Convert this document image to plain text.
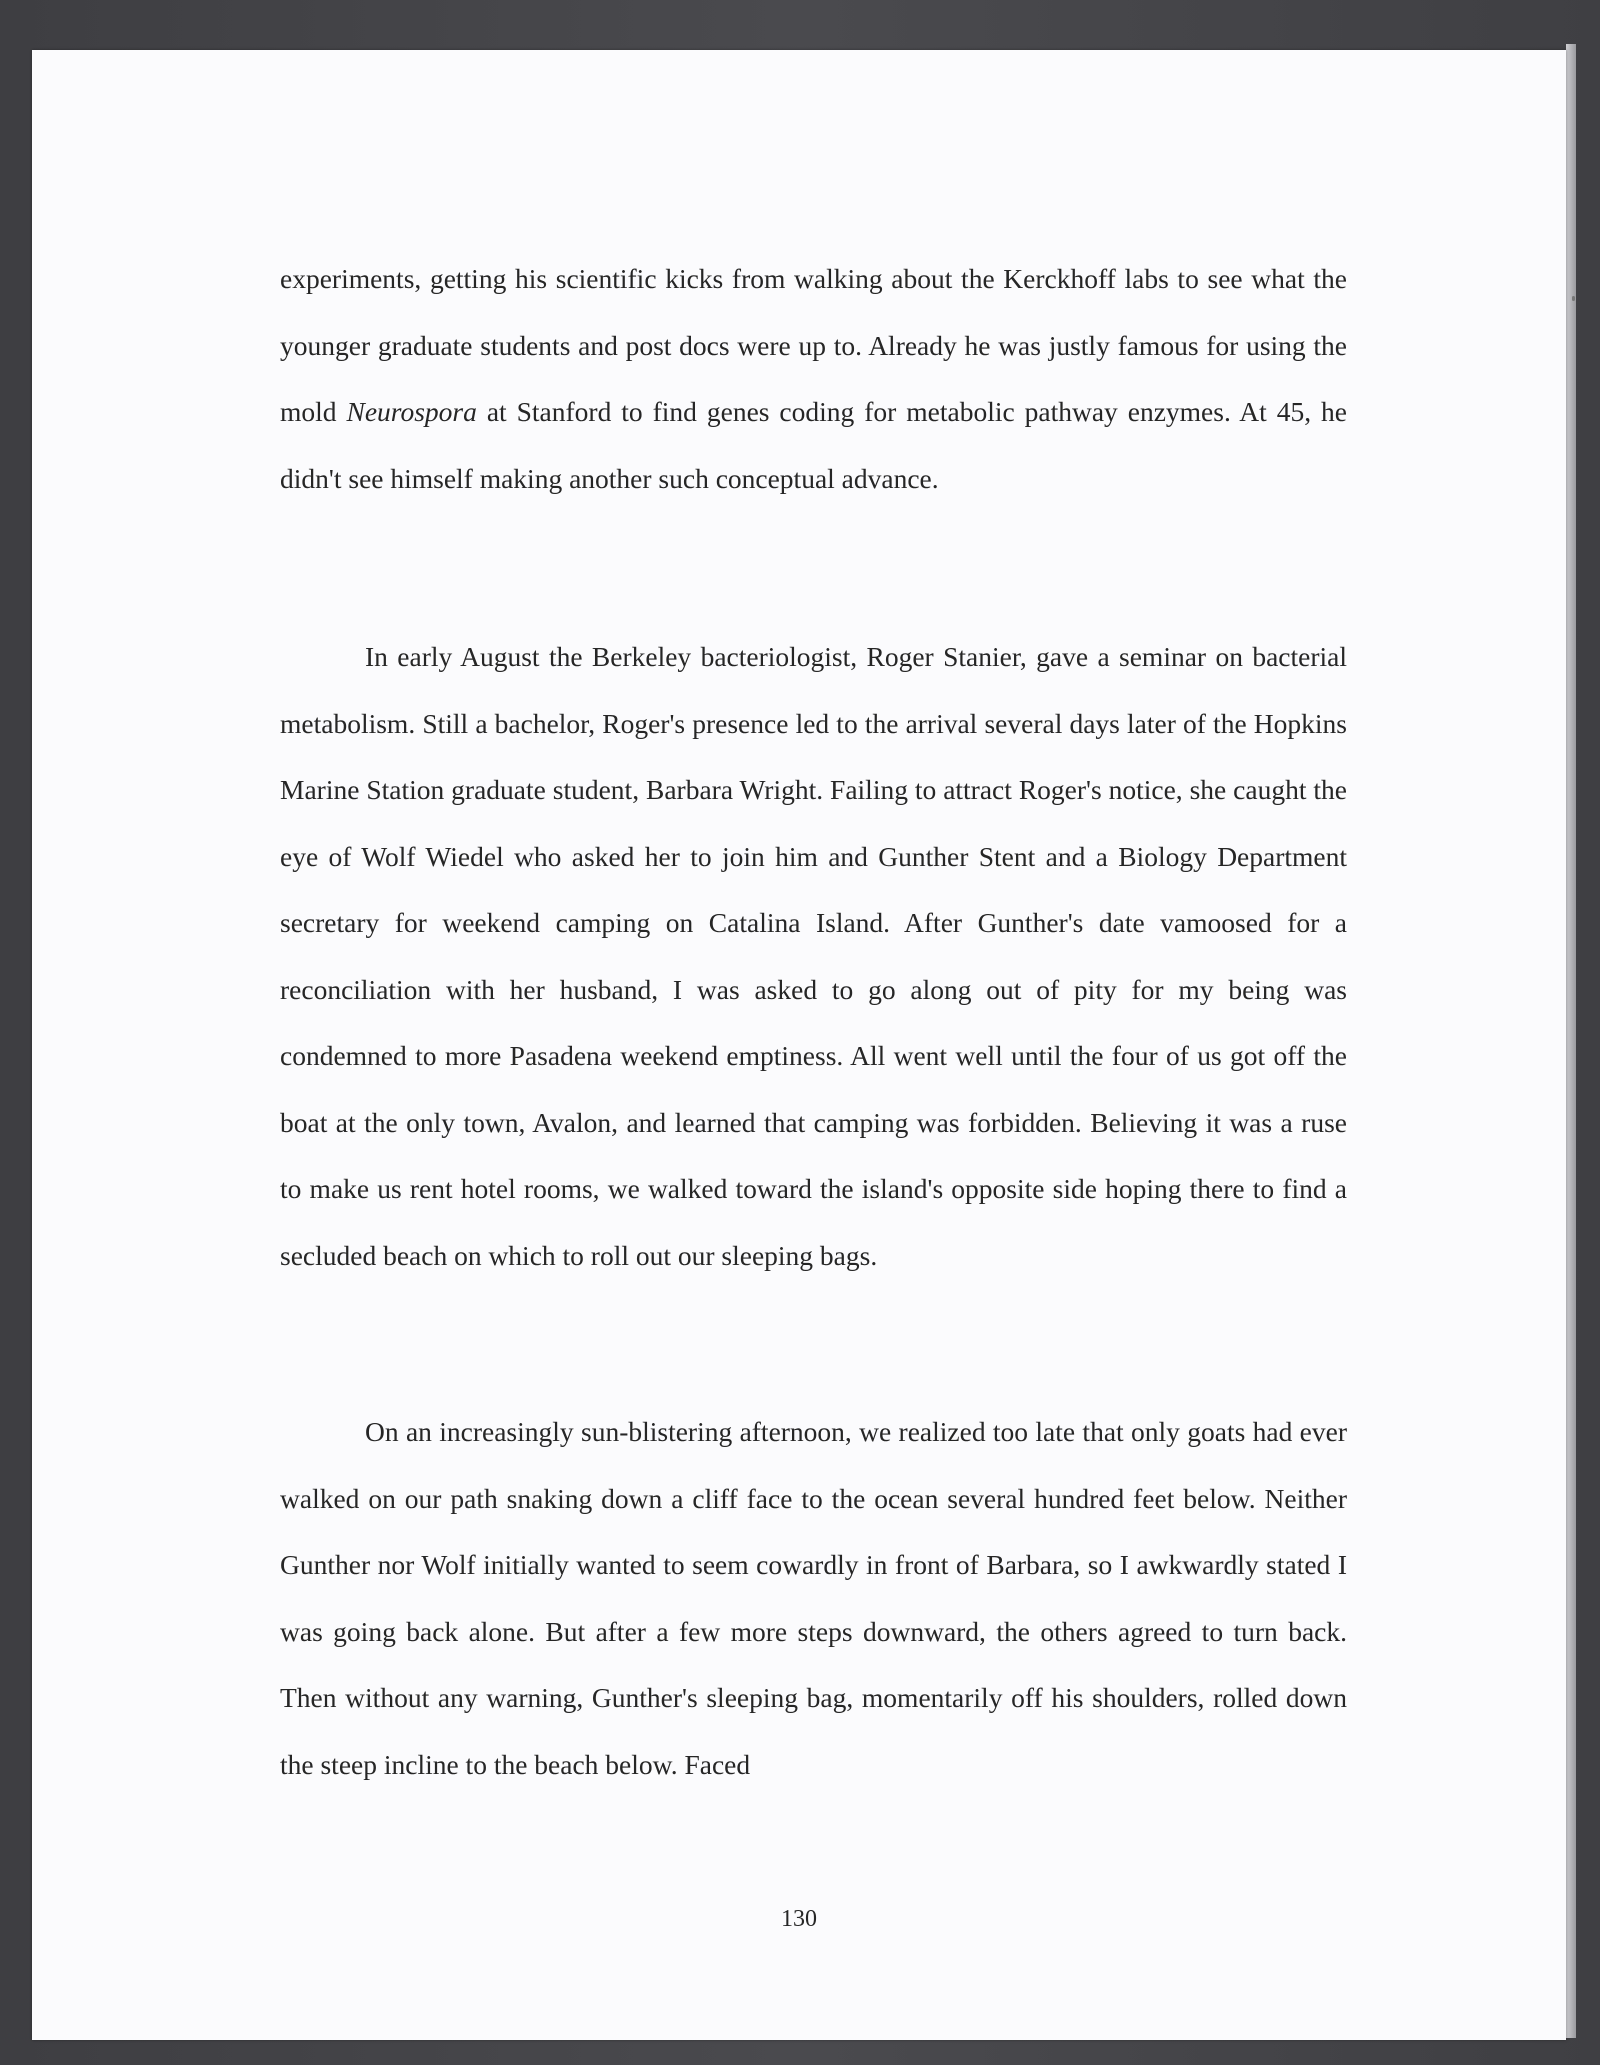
experiments, getting his scientific kicks from walking about the Kerckhoff labs to see what the younger graduate students and post docs were up to. Already he was justly famous for using the mold Neurospora at Stanford to find genes coding for metabolic pathway enzymes. At 45, he didn't see himself making another such conceptual advance.

In early August the Berkeley bacteriologist, Roger Stanier, gave a seminar on bacterial metabolism. Still a bachelor, Roger's presence led to the arrival several days later of the Hopkins Marine Station graduate student, Barbara Wright. Failing to attract Roger's notice, she caught the eye of Wolf Wiedel who asked her to join him and Gunther Stent and a Biology Department secretary for weekend camping on Catalina Island. After Gunther's date vamoosed for a reconciliation with her husband, I was asked to go along out of pity for my being was condemned to more Pasadena weekend emptiness. All went well until the four of us got off the boat at the only town, Avalon, and learned that camping was forbidden. Believing it was a ruse to make us rent hotel rooms, we walked toward the island's opposite side hoping there to find a secluded beach on which to roll out our sleeping bags.

On an increasingly sun-blistering afternoon, we realized too late that only goats had ever walked on our path snaking down a cliff face to the ocean several hundred feet below. Neither Gunther nor Wolf initially wanted to seem cowardly in front of Barbara, so I awkwardly stated I was going back alone. But after a few more steps downward, the others agreed to turn back. Then without any warning, Gunther's sleeping bag, momentarily off his shoulders, rolled down the steep incline to the beach below. Faced

130
